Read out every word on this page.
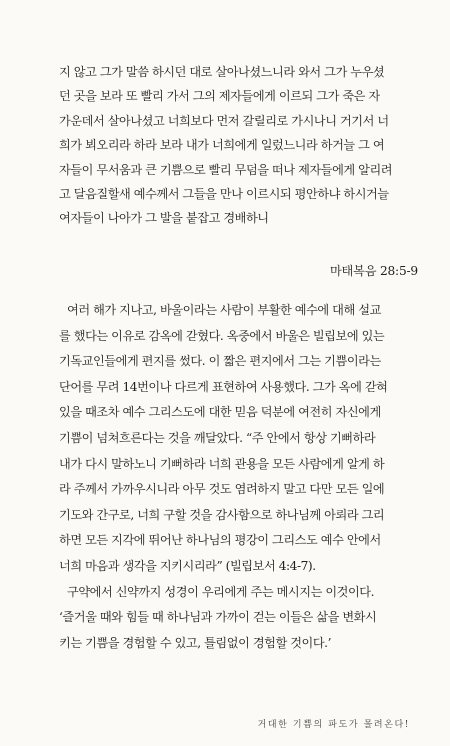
지 않고 그가 말씀 하시던 대로 살아나셨느니라 와서 그가 누우셨
던 곳을 보라 또 빨리 가서 그의 제자들에게 이르되 그가 죽은 자
가운데서 살아나셨고 너희보다 먼저 갈릴리로 가시나니 거기서 너
희가 뵈오리라 하라 보라 내가 너희에게 일렀느니라 하거늘 그 여
자들이 무서움과 큰 기쁨으로 빨리 무덤을 떠나 제자들에게 알리려
고 달음질할새 예수께서 그들을 만나 이르시되 평안하냐 하시거늘
여자들이 나아가 그 발을 붙잡고 경배하니
마태복음 28:5-9
여러 해가 지나고, 바울이라는 사람이 부활한 예수에 대해 설교
를 했다는 이유로 감옥에 갇혔다. 옥중에서 바울은 빌립보에 있는
기독교인들에게 편지를 썼다. 이 짧은 편지에서 그는 기쁨이라는
단어를 무려 14번이나 다르게 표현하여 사용했다. 그가 옥에 갇혀
있을 때조차 예수 그리스도에 대한 믿음 덕분에 여전히 자신에게
기쁨이 넘쳐흐른다는 것을 깨달았다. “주 안에서 항상 기뻐하라
내가 다시 말하노니 기뻐하라 너희 관용을 모든 사람에게 알게 하
라 주께서 가까우시니라 아무 것도 염려하지 말고 다만 모든 일에
기도와 간구로, 너희 구할 것을 감사함으로 하나님께 아뢰라 그리
하면 모든 지각에 뛰어난 하나님의 평강이 그리스도 예수 안에서
너희 마음과 생각을 지키시리라” (빌립보서 4:4-7).
구약에서 신약까지 성경이 우리에게 주는 메시지는 이것이다.
‘즐거울 때와 힘들 때 하나님과 가까이 걷는 이들은 삶을 변화시
키는 기쁨을 경험할 수 있고, 틀림없이 경험할 것이다.’
거대한 기쁨의 파도가 몰려온다!
